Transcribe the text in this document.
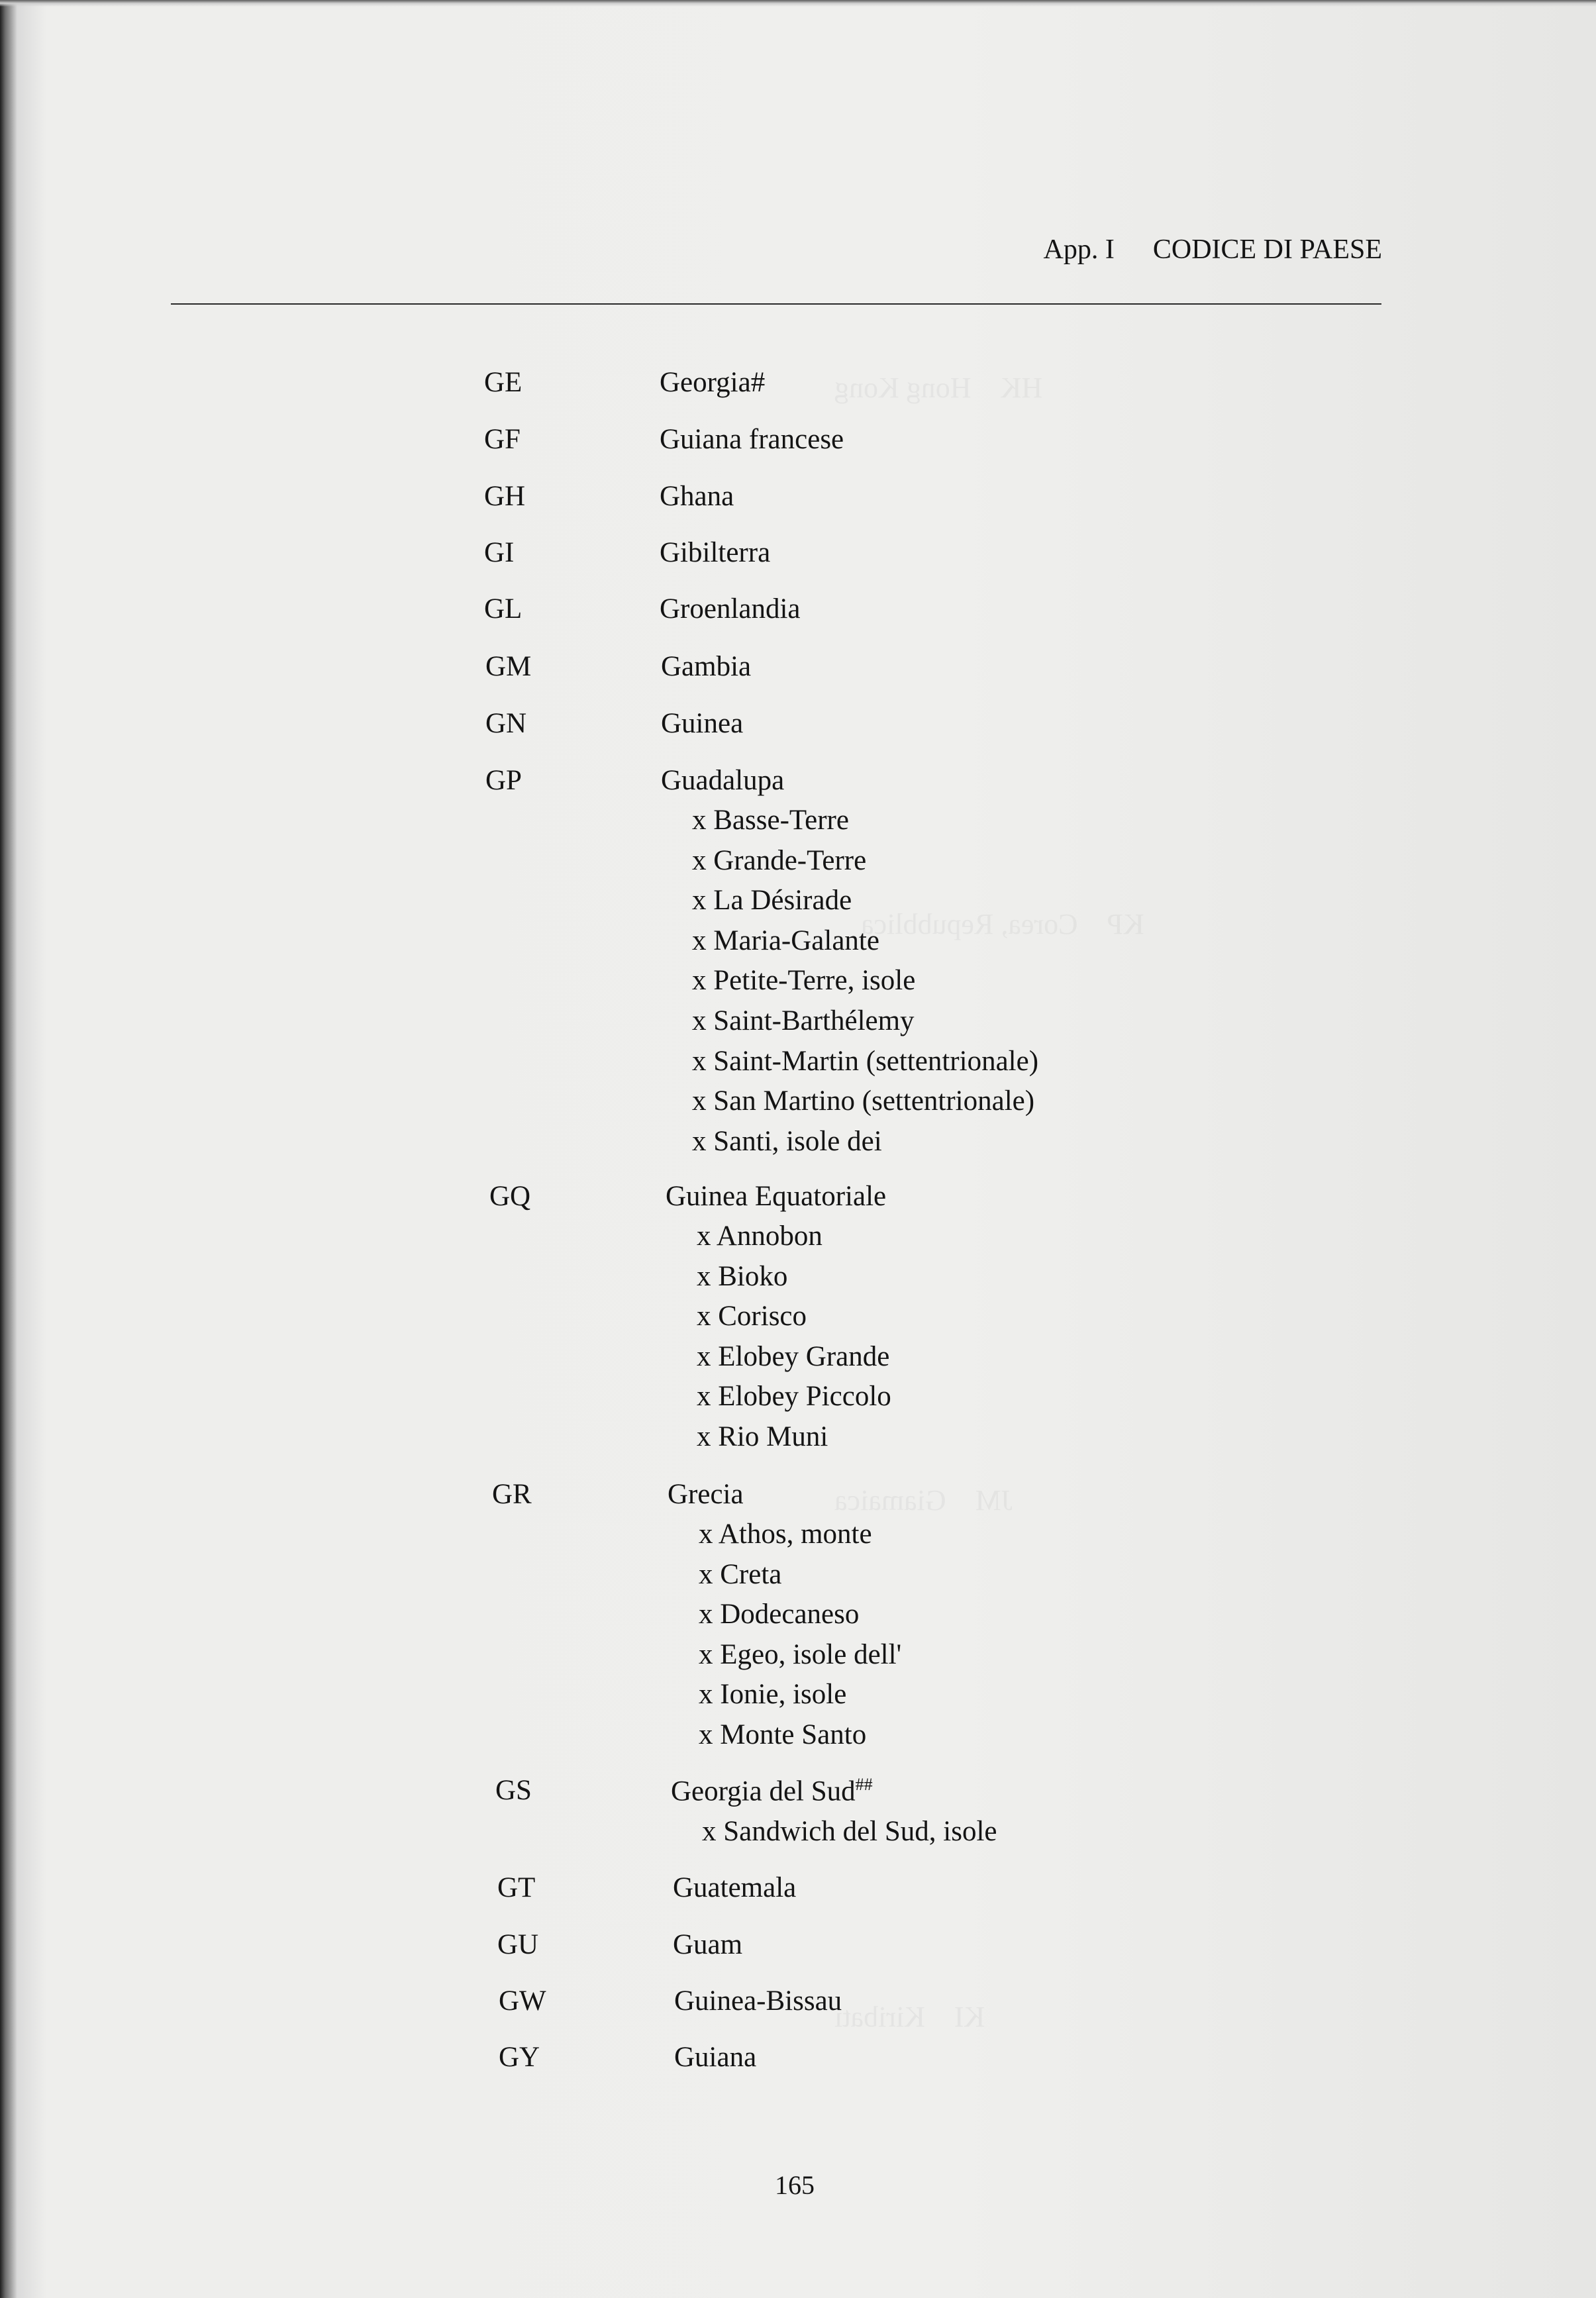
HK    Hong Kong
KP    Corea, Repubblica
JM    Giamaica
KI    Kiribati
App. I CODICE DI PAESE
GE	Georgia#
GF	Guiana francese
GH	Ghana
GI	Gibilterra
GL	Groenlandia
GM	Gambia
GN	Guinea
GP	Guadalupa
x Basse-Terre
x Grande-Terre
x La Désirade
x Maria-Galante
x Petite-Terre, isole
x Saint-Barthélemy
x Saint-Martin (settentrionale)
x San Martino (settentrionale)
x Santi, isole dei
GQ	Guinea Equatoriale
x Annobon
x Bioko
x Corisco
x Elobey Grande
x Elobey Piccolo
x Rio Muni
GR	Grecia
x Athos, monte
x Creta
x Dodecaneso
x Egeo, isole dell'
x Ionie, isole
x Monte Santo
GS	Georgia del Sud##
x Sandwich del Sud, isole
GT	Guatemala
GU	Guam
GW	Guinea-Bissau
GY	Guiana
165
